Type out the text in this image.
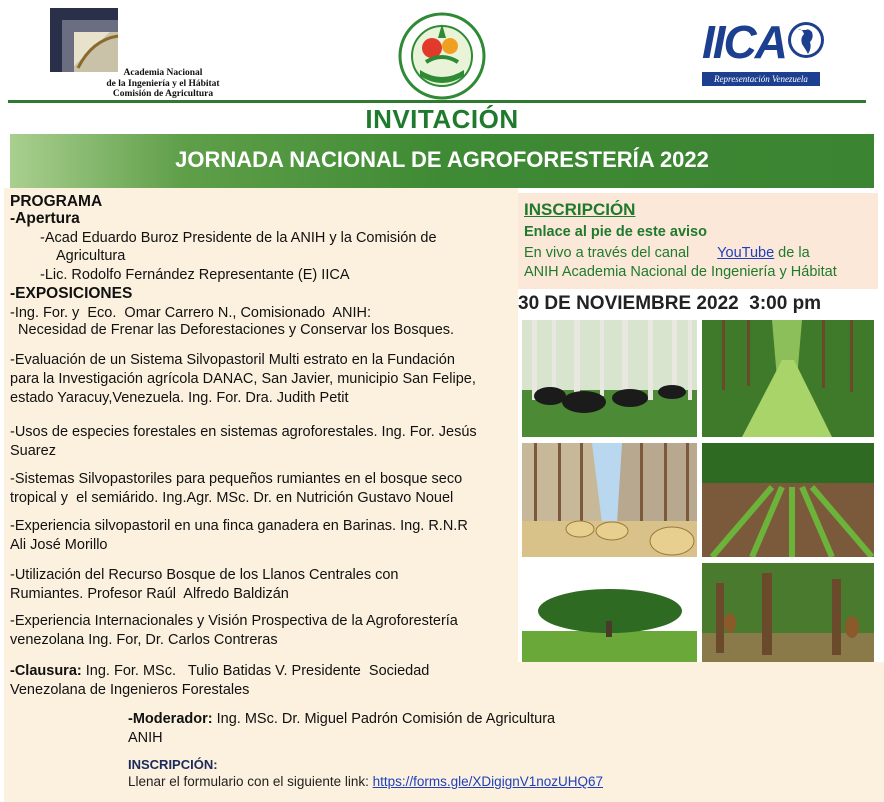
Academia Nacional
de la Ingeniería y el Hábitat
Comisión de Agricultura
IICA
Representación Venezuela
INVITACIÓN
JORNADA NACIONAL DE AGROFORESTERÍA 2022
PROGRAMA
-Apertura
-Acad Eduardo Buroz Presidente de la ANIH y la Comisión de
Agricultura
-Lic. Rodolfo Fernández Representante (E) IICA
-EXPOSICIONES
-Ing. For. y  Eco.  Omar Carrero N., Comisionado  ANIH:
Necesidad de Frenar las Deforestaciones y Conservar los Bosques.
-Evaluación de un Sistema Silvopastoril Multi estrato en la Fundación
para la Investigación agrícola DANAC, San Javier, municipio San Felipe,
estado Yaracuy,Venezuela. Ing. For. Dra. Judith Petit
-Usos de especies forestales en sistemas agroforestales. Ing. For. Jesús
Suarez
-Sistemas Silvopastoriles para pequeños rumiantes en el bosque seco
tropical y  el semiárido. Ing.Agr. MSc. Dr. en Nutrición Gustavo Nouel
-Experiencia silvopastoril en una finca ganadera en Barinas. Ing. R.N.R
Ali José Morillo
-Utilización del Recurso Bosque de los Llanos Centrales con
Rumiantes. Profesor Raúl  Alfredo Baldizán
-Experiencia Internacionales y Visión Prospectiva de la Agroforestería
venezolana Ing. For, Dr. Carlos Contreras
-Clausura: Ing. For. MSc.   Tulio Batidas V. Presidente  Sociedad
Venezolana de Ingenieros Forestales
-Moderador: Ing. MSc. Dr. Miguel Padrón Comisión de Agricultura
ANIH
INSCRIPCIÓN:
Llenar el formulario con el siguiente link: https://forms.gle/XDigignV1nozUHQ67
INSCRIPCIÓN
Enlace al pie de este aviso
En vivo a través del canal       YouTube de la
ANIH Academia Nacional de Ingeniería y Hábitat
30 DE NOVIEMBRE 2022  3:00 pm
